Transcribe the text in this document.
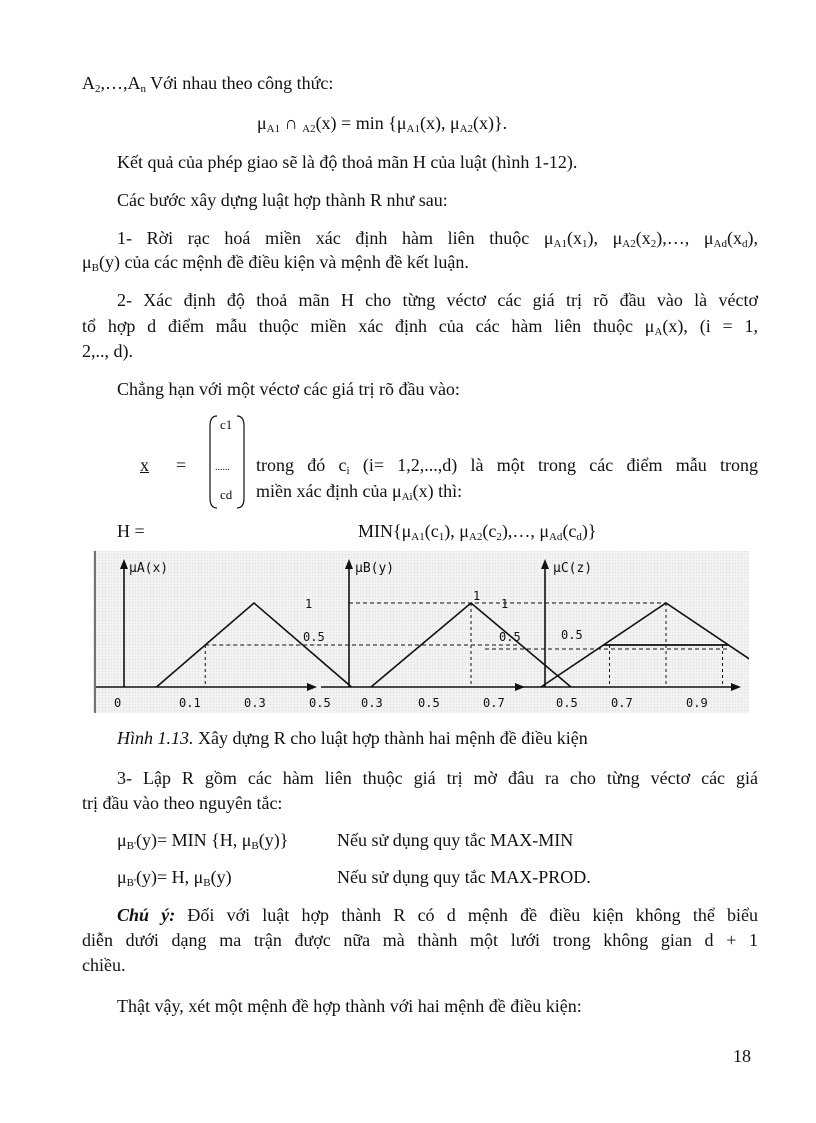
$A_2,\dots,A_n$ Với nhau theo công thức:
$\mu_{A1}$ ∩ $_{A2}(x) = \min \{\mu_{A1}(x)$, $\mu_{A2}(x)$}.
Kết quả của phép giao sẽ là độ thoả mãn H của luật (hình 1-12).
Các bước xây dựng luật hợp thành R như sau:
1- Rời rạc hoá miền xác định hàm liên thuộc $\mu_{A1}(x_1)$, $\mu_{A2}(x_2),\dots$, $\mu_{Ad}(x_d)$,
$\mu_B(y)$ của các mệnh đề điều kiện và mệnh đề kết luận.
2- Xác định độ thoả mãn H cho từng véctơ các giá trị rõ đầu vào là véctơ
tổ hợp d điểm mẫu thuộc miền xác định của các hàm liên thuộc $\mu_A(x)$, (i = 1,
2,.., d).
Chẳng hạn với một véctơ các giá trị rõ đầu vào:
x =
c1
......
cd
trong đó $c_i$ (i= 1,2,...,d) là một trong các điểm mẫu trong
miền xác định của $\mu_{Ai}(x)$ thì:
H =	$MIN\{\mu_{A1}(c_1)$, $\mu_{A2}(c_2),\dots$, $\mu_{Ad}(c_d)$}
μA(x)
0	0.1	0.3	0.5
μB(y)
0.3	0.5	0.7
1
0.5
μC(z)
0.5	0.7	0.9
1
0.5
1
0.5
Hình 1.13. Xây dựng R cho luật hợp thành hai mệnh đề điều kiện
3- Lập R gồm các hàm liên thuộc giá trị mờ đâu ra cho từng véctơ các giá
trị đầu vào theo nguyên tắc:
$\mu_{B'}(y)=$ MIN {H, $\mu_B(y)$}	Nếu sử dụng quy tắc MAX-MIN
$\mu_{B'}(y)= H$, $\mu_B(y)$	Nếu sử dụng quy tắc MAX-PROD.
Chú ý: Đối với luật hợp thành R có d mệnh đề điều kiện không thể biểu
diễn dưới dạng ma trận được nữa mà thành một lưới trong không gian d + 1
chiều.
Thật vậy, xét một mệnh đề hợp thành với hai mệnh đề điều kiện:
18
